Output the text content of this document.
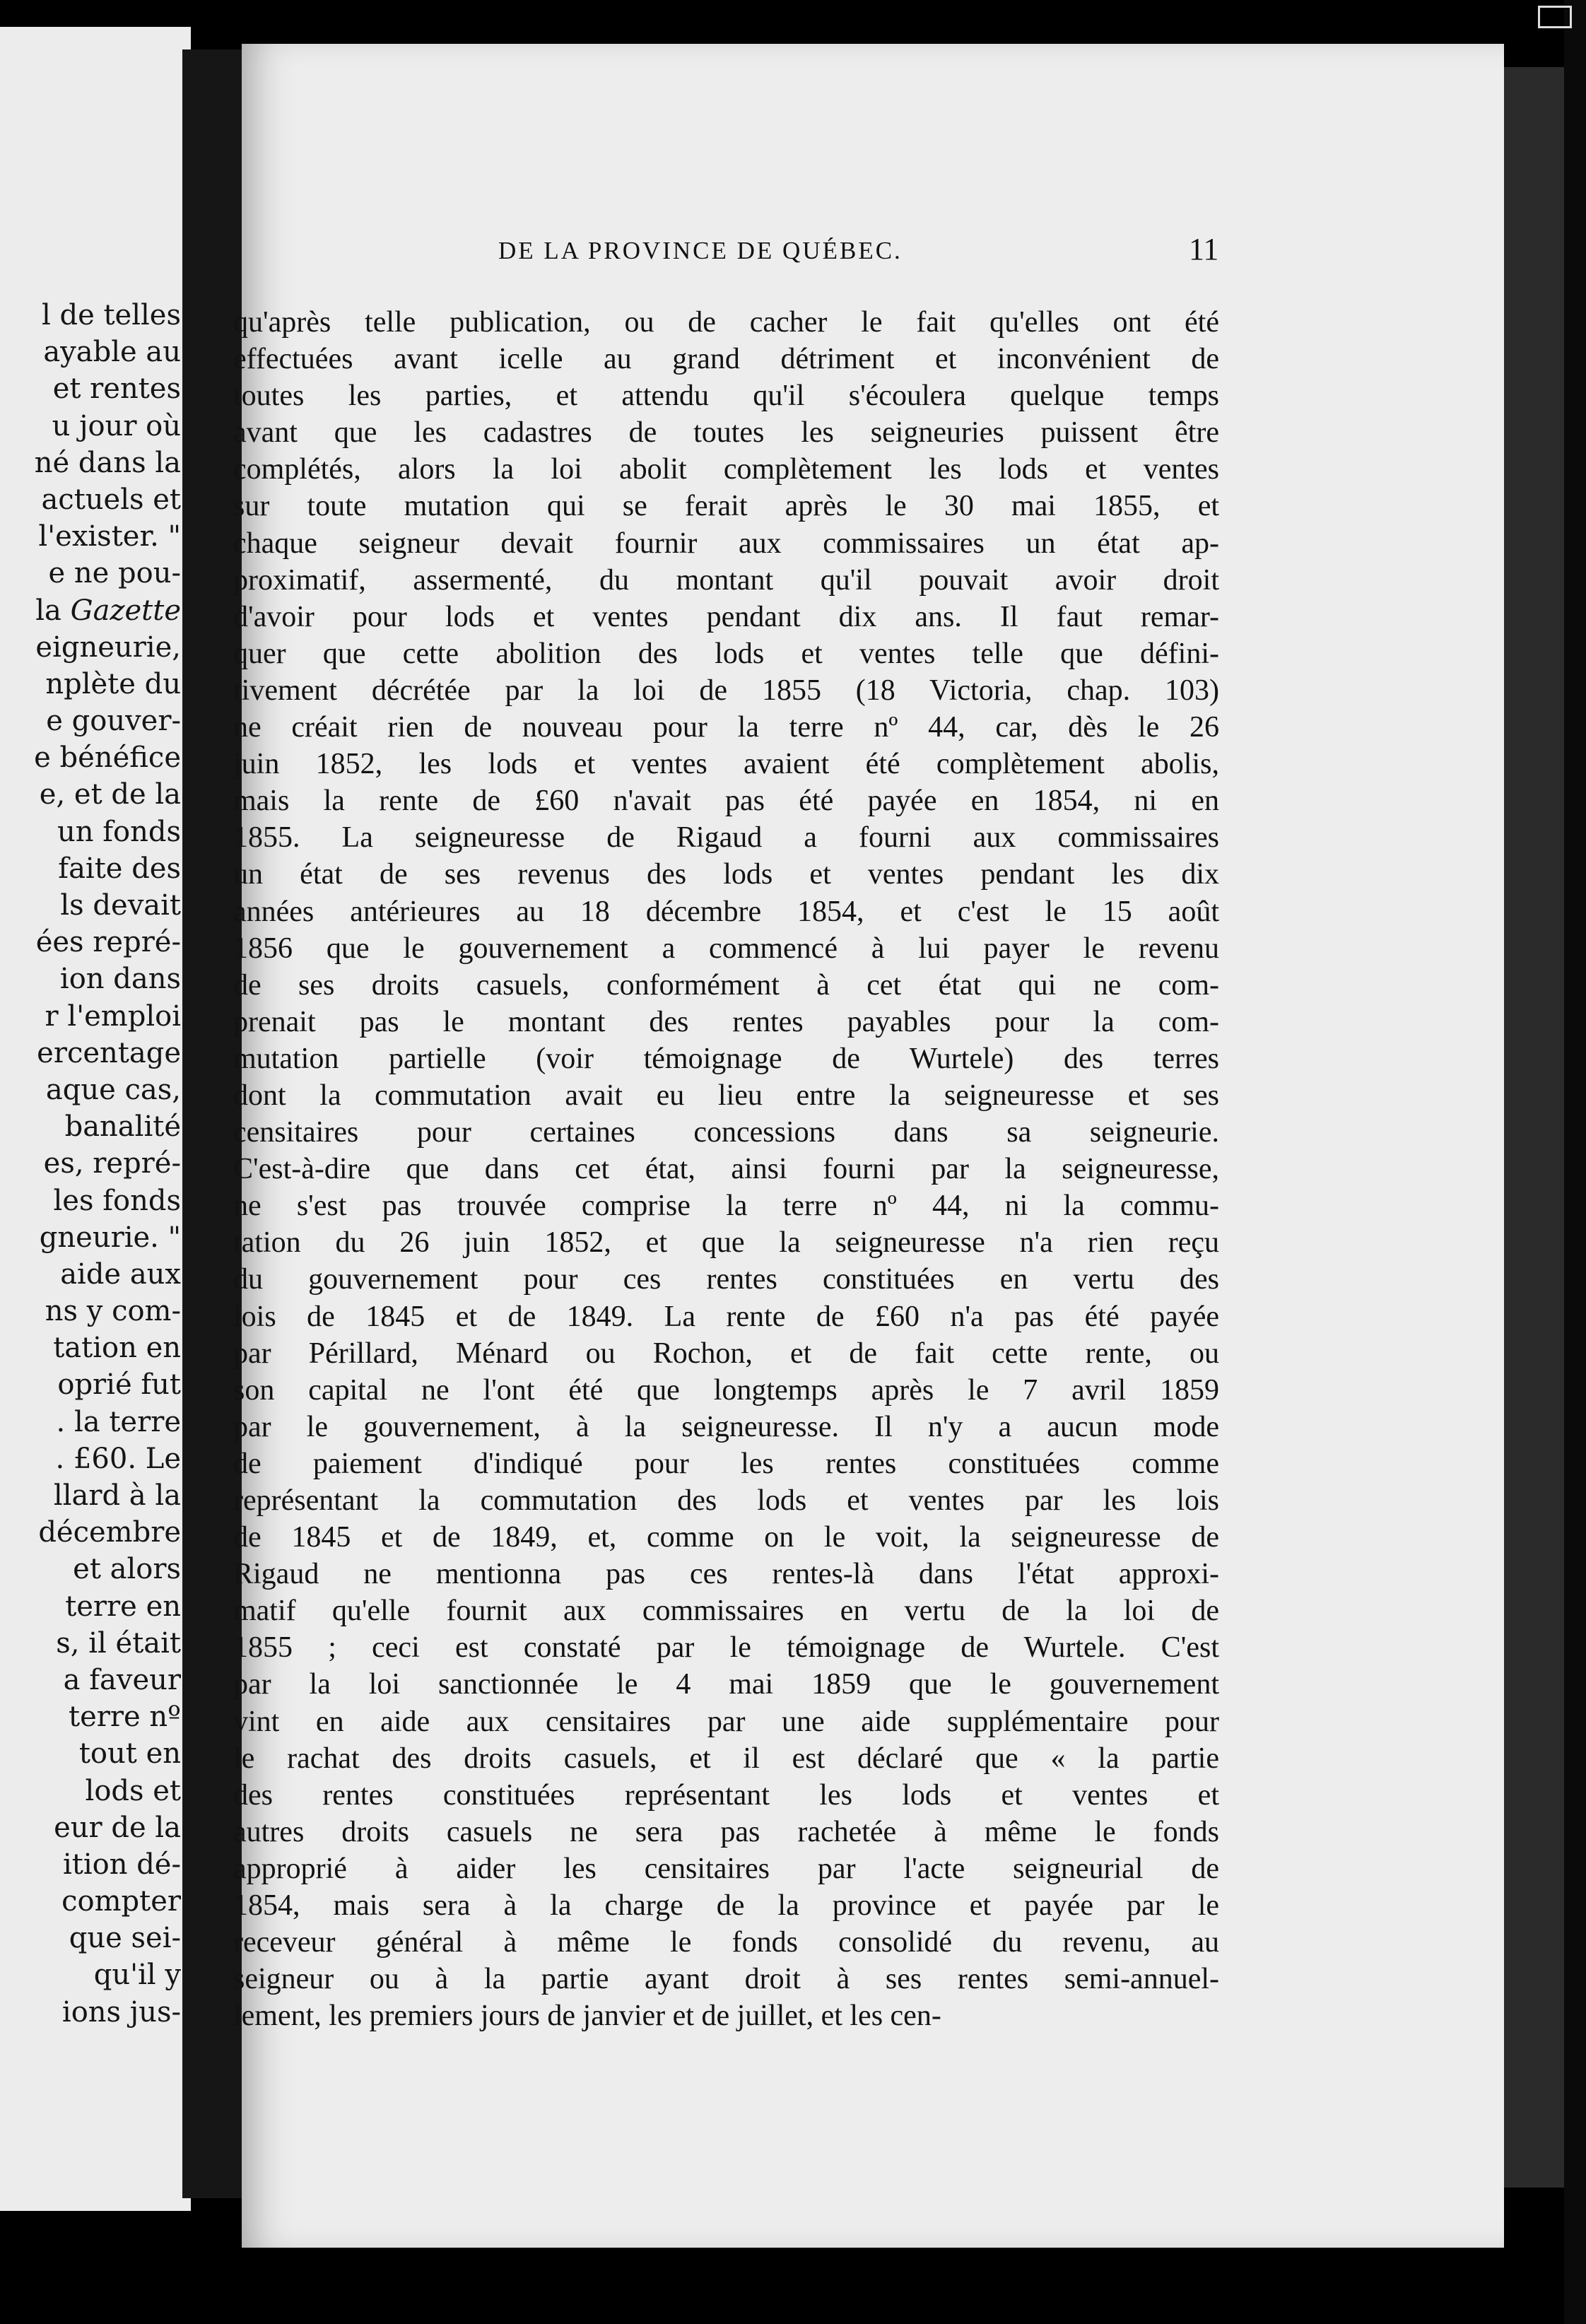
l de telles
ayable au
et rentes
u jour où
né dans la
actuels et
l'exister. "
e ne pou-
la Gazette
eigneurie,
nplète du
e gouver-
e bénéfice
e, et de la
un fonds
faite des
ls devait
ées repré-
ion dans
r l'emploi
ercentage
aque cas,
banalité
es, repré-
les fonds
gneurie. "
aide aux
ns y com-
tation en
oprié fut
. la terre
. £60. Le
llard à la
décembre
et alors
terre en
s, il était
a faveur
terre nº
tout en
lods et
eur de la
ition dé-
compter
que sei-
qu'il y
ions jus-
DE LA PROVINCE DE QUÉBEC.	11
qu'après telle publication, ou de cacher le fait qu'elles ont été
effectuées avant icelle au grand détriment et inconvénient de
toutes les parties, et attendu qu'il s'écoulera quelque temps
avant que les cadastres de toutes les seigneuries puissent être
complétés, alors la loi abolit complètement les lods et ventes
sur toute mutation qui se ferait après le 30 mai 1855, et
chaque seigneur devait fournir aux commissaires un état ap-
proximatif, assermenté, du montant qu'il pouvait avoir droit
d'avoir pour lods et ventes pendant dix ans. Il faut remar-
quer que cette abolition des lods et ventes telle que défini-
tivement décrétée par la loi de 1855 (18 Victoria, chap. 103)
ne créait rien de nouveau pour la terre nº 44, car, dès le 26
juin 1852, les lods et ventes avaient été complètement abolis,
mais la rente de £60 n'avait pas été payée en 1854, ni en
1855. La seigneuresse de Rigaud a fourni aux commissaires
un état de ses revenus des lods et ventes pendant les dix
années antérieures au 18 décembre 1854, et c'est le 15 août
1856 que le gouvernement a commencé à lui payer le revenu
de ses droits casuels, conformément à cet état qui ne com-
prenait pas le montant des rentes payables pour la com-
mutation partielle (voir témoignage de Wurtele) des terres
dont la commutation avait eu lieu entre la seigneuresse et ses
censitaires pour certaines concessions dans sa seigneurie.
C'est-à-dire que dans cet état, ainsi fourni par la seigneuresse,
ne s'est pas trouvée comprise la terre nº 44, ni la commu-
tation du 26 juin 1852, et que la seigneuresse n'a rien reçu
du gouvernement pour ces rentes constituées en vertu des
lois de 1845 et de 1849. La rente de £60 n'a pas été payée
par Périllard, Ménard ou Rochon, et de fait cette rente, ou
son capital ne l'ont été que longtemps après le 7 avril 1859
par le gouvernement, à la seigneuresse. Il n'y a aucun mode
de paiement d'indiqué pour les rentes constituées comme
représentant la commutation des lods et ventes par les lois
de 1845 et de 1849, et, comme on le voit, la seigneuresse de
Rigaud ne mentionna pas ces rentes-là dans l'état approxi-
matif qu'elle fournit aux commissaires en vertu de la loi de
1855 ; ceci est constaté par le témoignage de Wurtele. C'est
par la loi sanctionnée le 4 mai 1859 que le gouvernement
vint en aide aux censitaires par une aide supplémentaire pour
le rachat des droits casuels, et il est déclaré que « la partie
des rentes constituées représentant les lods et ventes et
autres droits casuels ne sera pas rachetée à même le fonds
approprié à aider les censitaires par l'acte seigneurial de
1854, mais sera à la charge de la province et payée par le
receveur général à même le fonds consolidé du revenu, au
seigneur ou à la partie ayant droit à ses rentes semi-annuel-
lement, les premiers jours de janvier et de juillet, et les cen-
